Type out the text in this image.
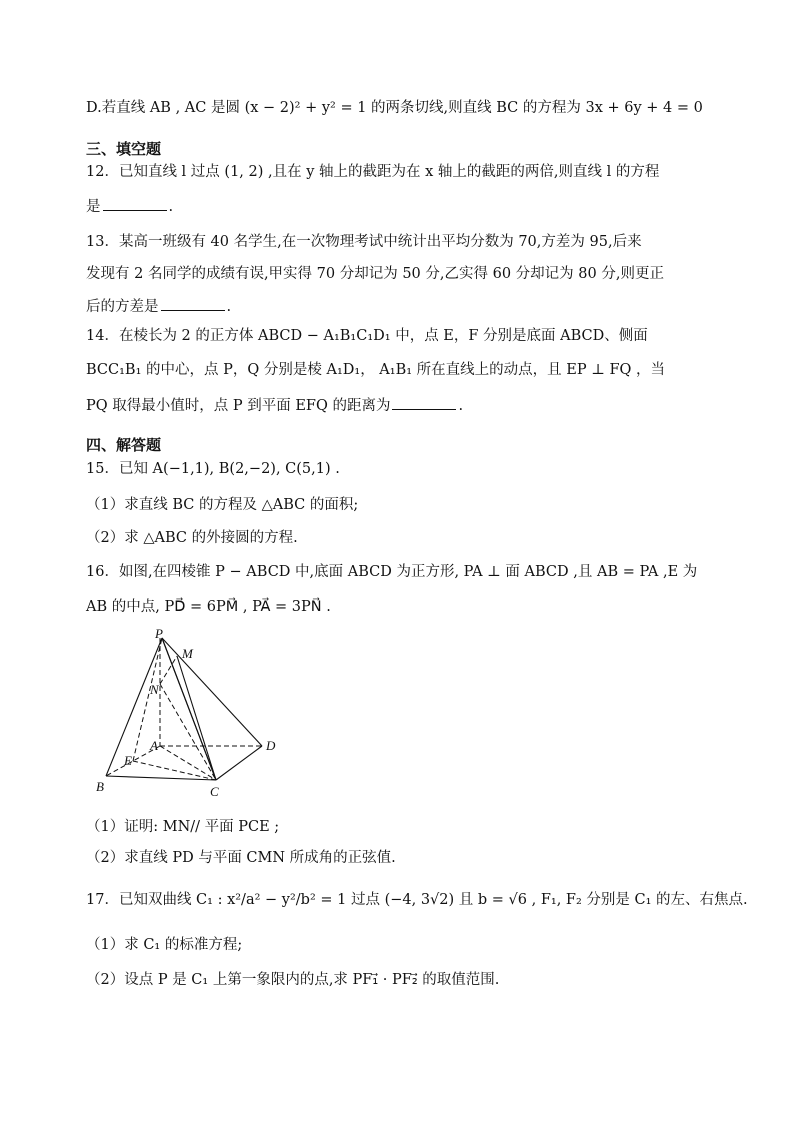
D.若直线 AB , AC 是圆 (x − 2)² + y² = 1 的两条切线,则直线 BC 的方程为 3x + 6y + 4 = 0
三、填空题
12．已知直线 l 过点 (1, 2) ,且在 y 轴上的截距为在 x 轴上的截距的两倍,则直线 l 的方程
是	.
13．某高一班级有 40 名学生,在一次物理考试中统计出平均分数为 70,方差为 95,后来
发现有 2 名同学的成绩有误,甲实得 70 分却记为 50 分,乙实得 60 分却记为 80 分,则更正
后的方差是	.
14．在棱长为 2 的正方体 ABCD − A₁B₁C₁D₁ 中，点 E，F 分别是底面 ABCD、侧面
BCC₁B₁ 的中心，点 P，Q 分别是棱 A₁D₁， A₁B₁ 所在直线上的动点，且 EP ⊥ FQ ，当
PQ 取得最小值时，点 P 到平面 EFQ 的距离为	.
四、解答题
15．已知 A(−1,1), B(2,−2), C(5,1) .
（1）求直线 BC 的方程及 △ABC 的面积;
（2）求 △ABC 的外接圆的方程.
16．如图,在四棱锥 P − ABCD 中,底面 ABCD 为正方形, PA ⊥ 面 ABCD ,且 AB = PA ,E 为
AB 的中点, PD⃗ = 6PM⃗ , PA⃗ = 3PN⃗ .
P
M
N
A	D
E
B	C
（1）证明: MN// 平面 PCE ;
（2）求直线 PD 与平面 CMN 所成角的正弦值.
17．已知双曲线 C₁ : x²/a² − y²/b² = 1 过点 (−4, 3√2) 且 b = √6 , F₁, F₂ 分别是 C₁ 的左、右焦点.
（1）求 C₁ 的标准方程;
（2）设点 P 是 C₁ 上第一象限内的点,求 PF₁⃗ · PF₂⃗ 的取值范围.
